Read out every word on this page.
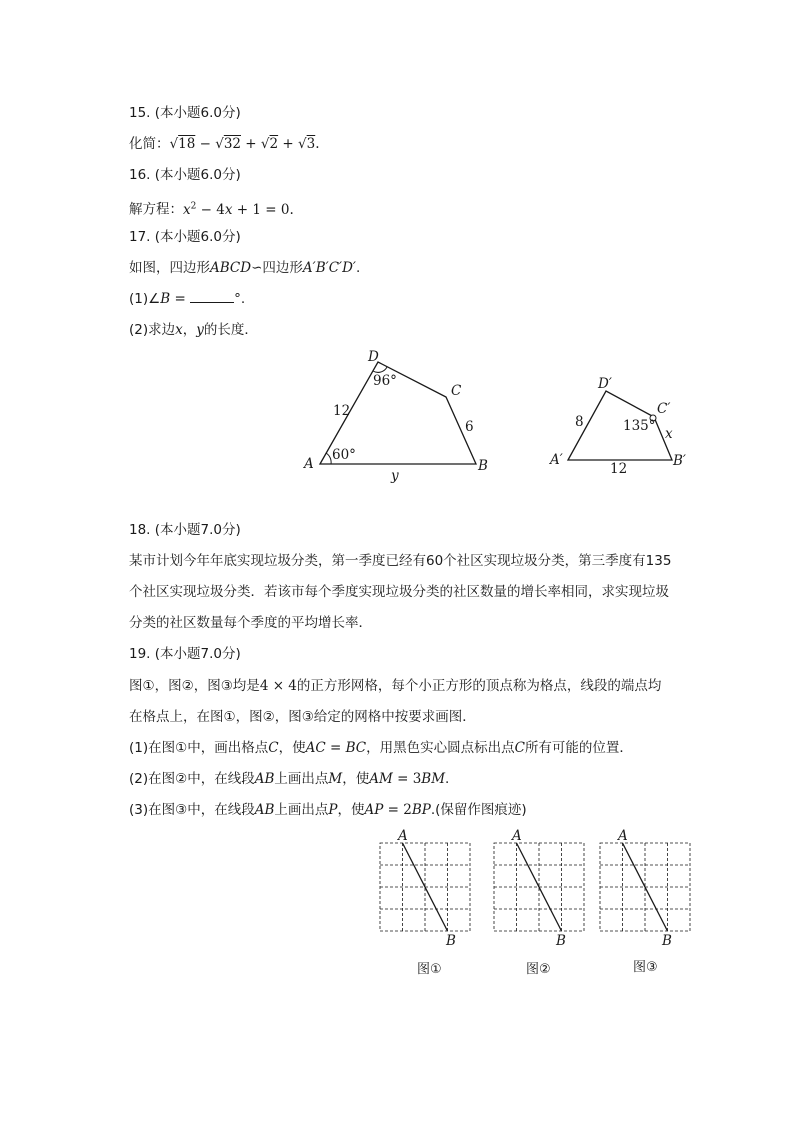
15. (本小题6.0分)
化简：√18 − √32 + √2 + √3.
16. (本小题6.0分)
解方程：$x^2 - 4x + 1 = 0$.
17. (本小题6.0分)
如图，四边形ABCD∽四边形A′B′C′D′.
(1)∠B =	°.
(2)求边x，y的长度．
A	B
C
D
96°
60°
12
6
y
A′	B′
C′
D′
135°
8
12
x
18. (本小题7.0分)
某市计划今年年底实现垃圾分类，第一季度已经有60个社区实现垃圾分类，第三季度有135
个社区实现垃圾分类．若该市每个季度实现垃圾分类的社区数量的增长率相同，求实现垃圾
分类的社区数量每个季度的平均增长率．
19. (本小题7.0分)
图①，图②，图③均是4 × 4的正方形网格，每个小正方形的顶点称为格点，线段的端点均
在格点上，在图①，图②，图③给定的网格中按要求画图．
(1)在图①中，画出格点C，使AC = BC，用黑色实心圆点标出点C所有可能的位置．
(2)在图②中，在线段AB上画出点M，使AM = 3BM.
(3)在图③中，在线段AB上画出点P，使AP = 2BP.(保留作图痕迹)
A
B
A
B
A
B
图①	图②	图③
